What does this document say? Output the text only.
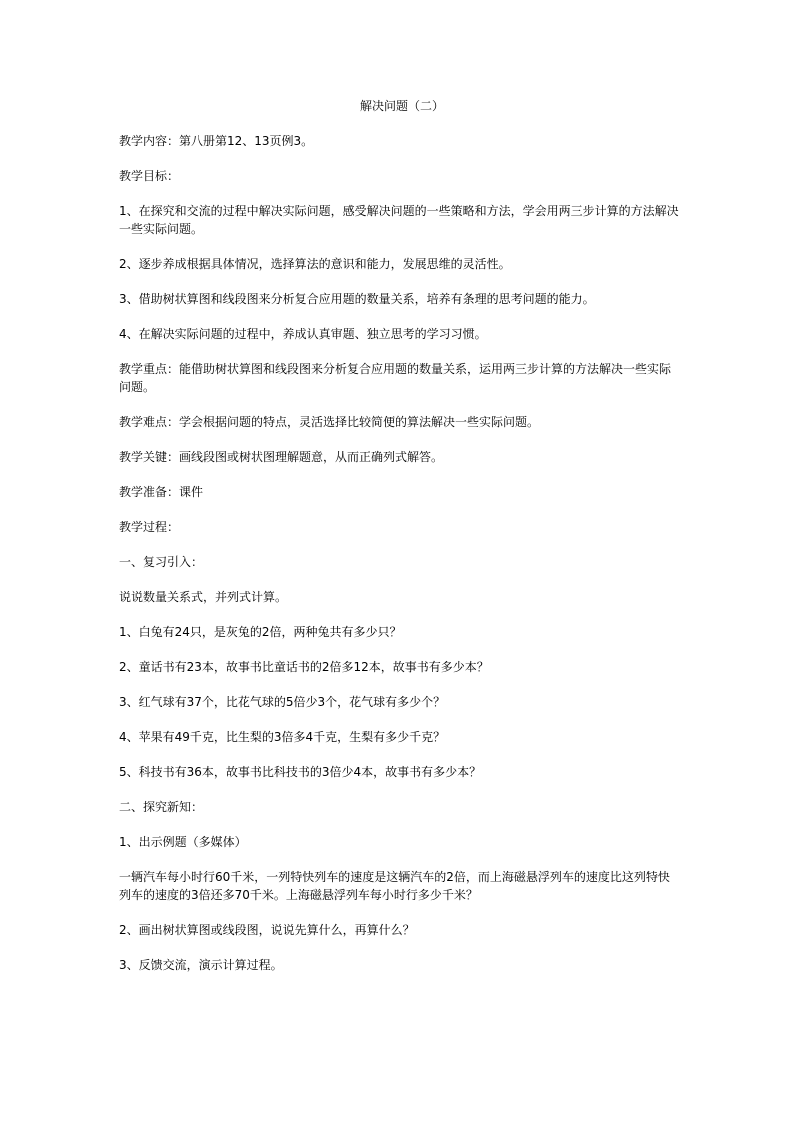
解决问题（二）

教学内容：第八册第12、13页例3。

教学目标：

1、在探究和交流的过程中解决实际问题，感受解决问题的一些策略和方法，学会用两三步计算的方法解决一些实际问题。

2、逐步养成根据具体情况，选择算法的意识和能力，发展思维的灵活性。

3、借助树状算图和线段图来分析复合应用题的数量关系，培养有条理的思考问题的能力。

4、在解决实际问题的过程中，养成认真审题、独立思考的学习习惯。

教学重点：能借助树状算图和线段图来分析复合应用题的数量关系，运用两三步计算的方法解决一些实际问题。

教学难点：学会根据问题的特点，灵活选择比较简便的算法解决一些实际问题。

教学关键：画线段图或树状图理解题意，从而正确列式解答。

教学准备：课件

教学过程：

一、复习引入：

说说数量关系式，并列式计算。

1、白兔有24只，是灰兔的2倍，两种兔共有多少只？

2、童话书有23本，故事书比童话书的2倍多12本，故事书有多少本？

3、红气球有37个，比花气球的5倍少3个，花气球有多少个？

4、苹果有49千克，比生梨的3倍多4千克，生梨有多少千克？

5、科技书有36本，故事书比科技书的3倍少4本，故事书有多少本？

二、探究新知：

1、出示例题（多媒体）

一辆汽车每小时行60千米，一列特快列车的速度是这辆汽车的2倍，而上海磁悬浮列车的速度比这列特快列车的速度的3倍还多70千米。上海磁悬浮列车每小时行多少千米？

2、画出树状算图或线段图，说说先算什么，再算什么？

3、反馈交流，演示计算过程。
